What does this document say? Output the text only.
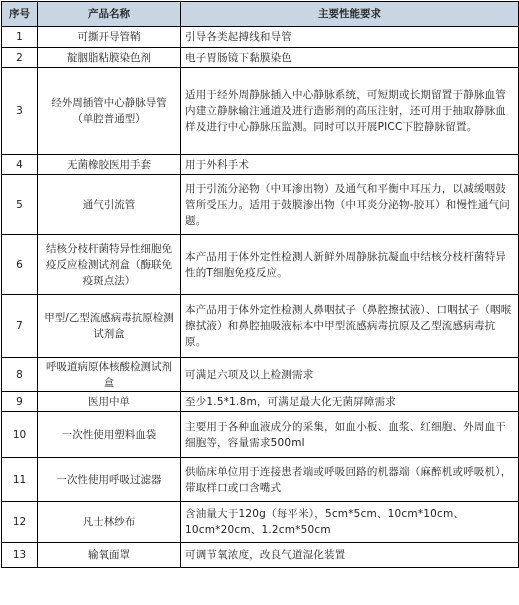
序号	产品名称	主要性能要求
1	可撕开导管鞘	引导各类起搏线和导管
2	靛胭脂粘膜染色剂	电子胃肠镜下黏膜染色
3	经外周插管中心静脉导管（单腔普通型）	适用于经外周静脉插入中心静脉系统，可短期或长期留置于静脉血管内建立静脉输注通道及进行造影剂的高压注射，还可用于抽取静脉血样及进行中心静脉压监测。同时可以开展PICC下腔静脉留置。
4	无菌橡胶医用手套	用于外科手术
5	通气引流管	用于引流分泌物（中耳渗出物）及通气和平衡中耳压力，以减缓咽鼓管所受压力。适用于鼓膜渗出物（中耳炎分泌物-胶耳）和慢性通气问题。
6	结核分枝杆菌特异性细胞免疫反应检测试剂盒（酶联免疫斑点法）	本产品用于体外定性检测人新鲜外周静脉抗凝血中结核分枝杆菌特异性的T细胞免疫反应。
7	甲型/乙型流感病毒抗原检测试剂盒	本产品用于体外定性检测人鼻咽拭子（鼻腔擦拭液）、口咽拭子（咽喉擦拭液）和鼻腔抽吸液标本中甲型流感病毒抗原及乙型流感病毒抗原。
8	呼吸道病原体核酸检测试剂盒	可满足六项及以上检测需求
9	医用中单	至少1.5*1.8m，可满足最大化无菌屏障需求
10	一次性使用塑料血袋	主要用于各种血液成分的采集，如血小板、血浆、红细胞、外周血干细胞等，容量需求500ml
11	一次性使用呼吸过滤器	供临床单位用于连接患者端或呼吸回路的机器端（麻醉机或呼吸机），带取样口或口含嘴式
12	凡士林纱布	含油量大于120g（每平米），5cm*5cm、10cm*10cm、10cm*20cm、1.2cm*50cm
13	输氧面罩	可调节氧浓度，改良气道湿化装置
